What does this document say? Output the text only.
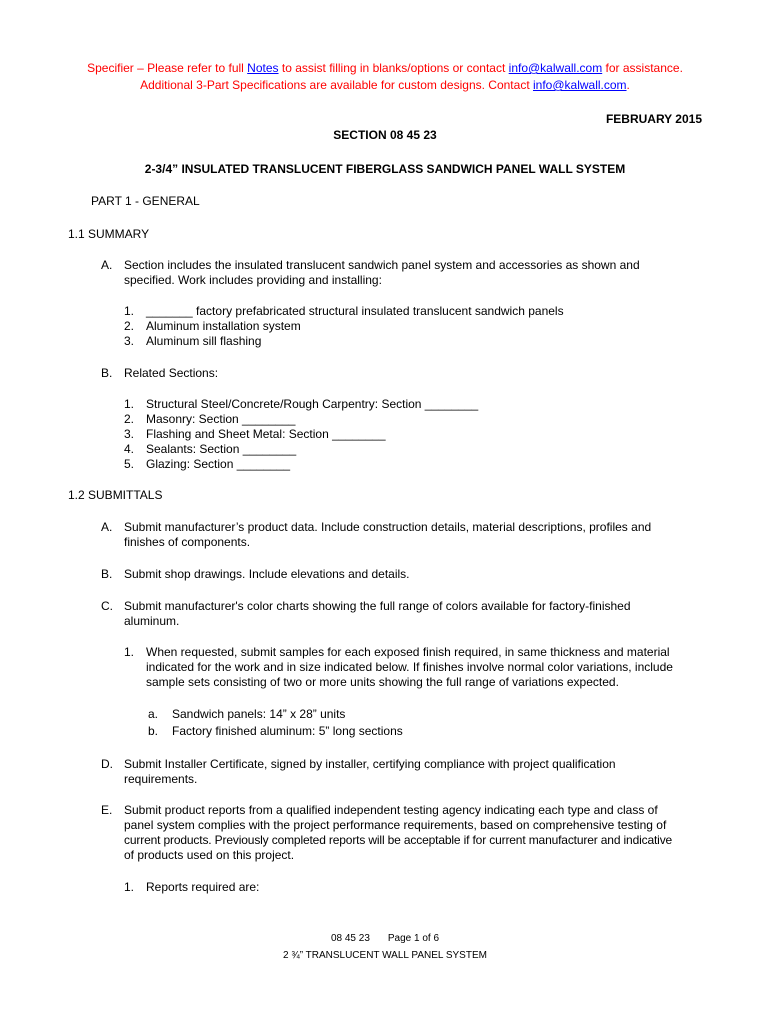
Specifier – Please refer to full Notes to assist filling in blanks/options or contact info@kalwall.com for assistance.
Additional 3-Part Specifications are available for custom designs. Contact info@kalwall.com.
FEBRUARY 2015
SECTION 08 45 23
2-3/4” INSULATED TRANSLUCENT FIBERGLASS SANDWICH PANEL WALL SYSTEM
PART 1 - GENERAL
1.1 SUMMARY
A. Section includes the insulated translucent sandwich panel system and accessories as shown and
specified. Work includes providing and installing:
1. _______ factory prefabricated structural insulated translucent sandwich panels
2. Aluminum installation system
3. Aluminum sill flashing
B. Related Sections:
1. Structural Steel/Concrete/Rough Carpentry: Section ________
2. Masonry: Section ________
3. Flashing and Sheet Metal: Section ________
4. Sealants: Section ________
5. Glazing: Section ________
1.2 SUBMITTALS
A. Submit manufacturer’s product data. Include construction details, material descriptions, profiles and
finishes of components.
B. Submit shop drawings. Include elevations and details.
C. Submit manufacturer's color charts showing the full range of colors available for factory-finished
aluminum.
1. When requested, submit samples for each exposed finish required, in same thickness and material
indicated for the work and in size indicated below. If finishes involve normal color variations, include
sample sets consisting of two or more units showing the full range of variations expected.
a. Sandwich panels: 14” x 28” units
b. Factory finished aluminum: 5” long sections
D. Submit Installer Certificate, signed by installer, certifying compliance with project qualification
requirements.
E. Submit product reports from a qualified independent testing agency indicating each type and class of
panel system complies with the project performance requirements, based on comprehensive testing of
current products. Previously completed reports will be acceptable if for current manufacturer and indicative
of products used on this project.
1. Reports required are:
08 45 23 Page 1 of 6
2 ¾” TRANSLUCENT WALL PANEL SYSTEM
